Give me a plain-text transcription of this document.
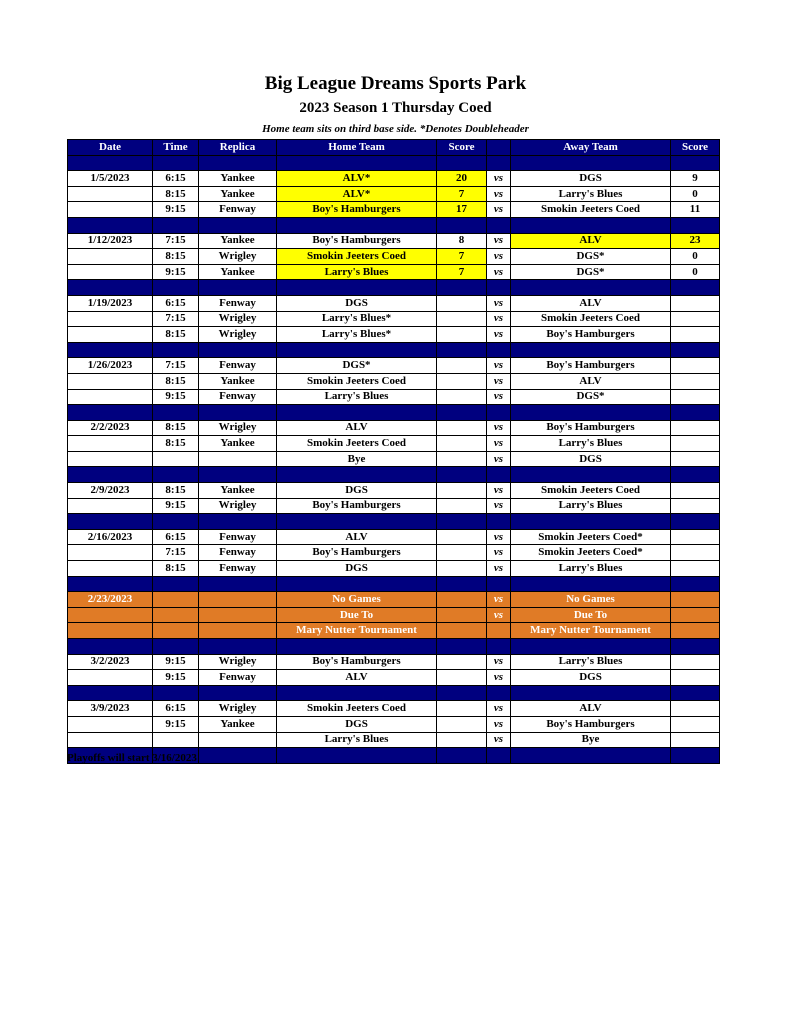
Big League Dreams Sports Park
2023 Season 1 Thursday Coed
Home team sits on third base side. *Denotes Doubleheader
Date	Time	Replica	Home Team	Score		Away Team	Score

1/5/2023	6:15	Yankee	ALV*	20	vs	DGS	9
	8:15	Yankee	ALV*	7	vs	Larry's Blues	0
	9:15	Fenway	Boy's Hamburgers	17	vs	Smokin Jeeters Coed	11

1/12/2023	7:15	Yankee	Boy's Hamburgers	8	vs	ALV	23
	8:15	Wrigley	Smokin Jeeters Coed	7	vs	DGS*	0
	9:15	Yankee	Larry's Blues	7	vs	DGS*	0

1/19/2023	6:15	Fenway	DGS		vs	ALV	
	7:15	Wrigley	Larry's Blues*		vs	Smokin Jeeters Coed	
	8:15	Wrigley	Larry's Blues*		vs	Boy's Hamburgers	

1/26/2023	7:15	Fenway	DGS*		vs	Boy's Hamburgers	
	8:15	Yankee	Smokin Jeeters Coed		vs	ALV	
	9:15	Fenway	Larry's Blues		vs	DGS*	

2/2/2023	8:15	Wrigley	ALV		vs	Boy's Hamburgers	
	8:15	Yankee	Smokin Jeeters Coed		vs	Larry's Blues	
			Bye		vs	DGS	

2/9/2023	8:15	Yankee	DGS		vs	Smokin Jeeters Coed	
	9:15	Wrigley	Boy's Hamburgers		vs	Larry's Blues	

2/16/2023	6:15	Fenway	ALV		vs	Smokin Jeeters Coed*	
	7:15	Fenway	Boy's Hamburgers		vs	Smokin Jeeters Coed*	
	8:15	Fenway	DGS		vs	Larry's Blues	

2/23/2023			No Games		vs	No Games	
			Due To		vs	Due To	
			Mary Nutter Tournament			Mary Nutter Tournament	

3/2/2023	9:15	Wrigley	Boy's Hamburgers		vs	Larry's Blues	
	9:15	Fenway	ALV		vs	DGS	

3/9/2023	6:15	Wrigley	Smokin Jeeters Coed		vs	ALV	
	9:15	Yankee	DGS		vs	Boy's Hamburgers	
			Larry's Blues		vs	Bye	

Playoffs will start 3/16/2023
